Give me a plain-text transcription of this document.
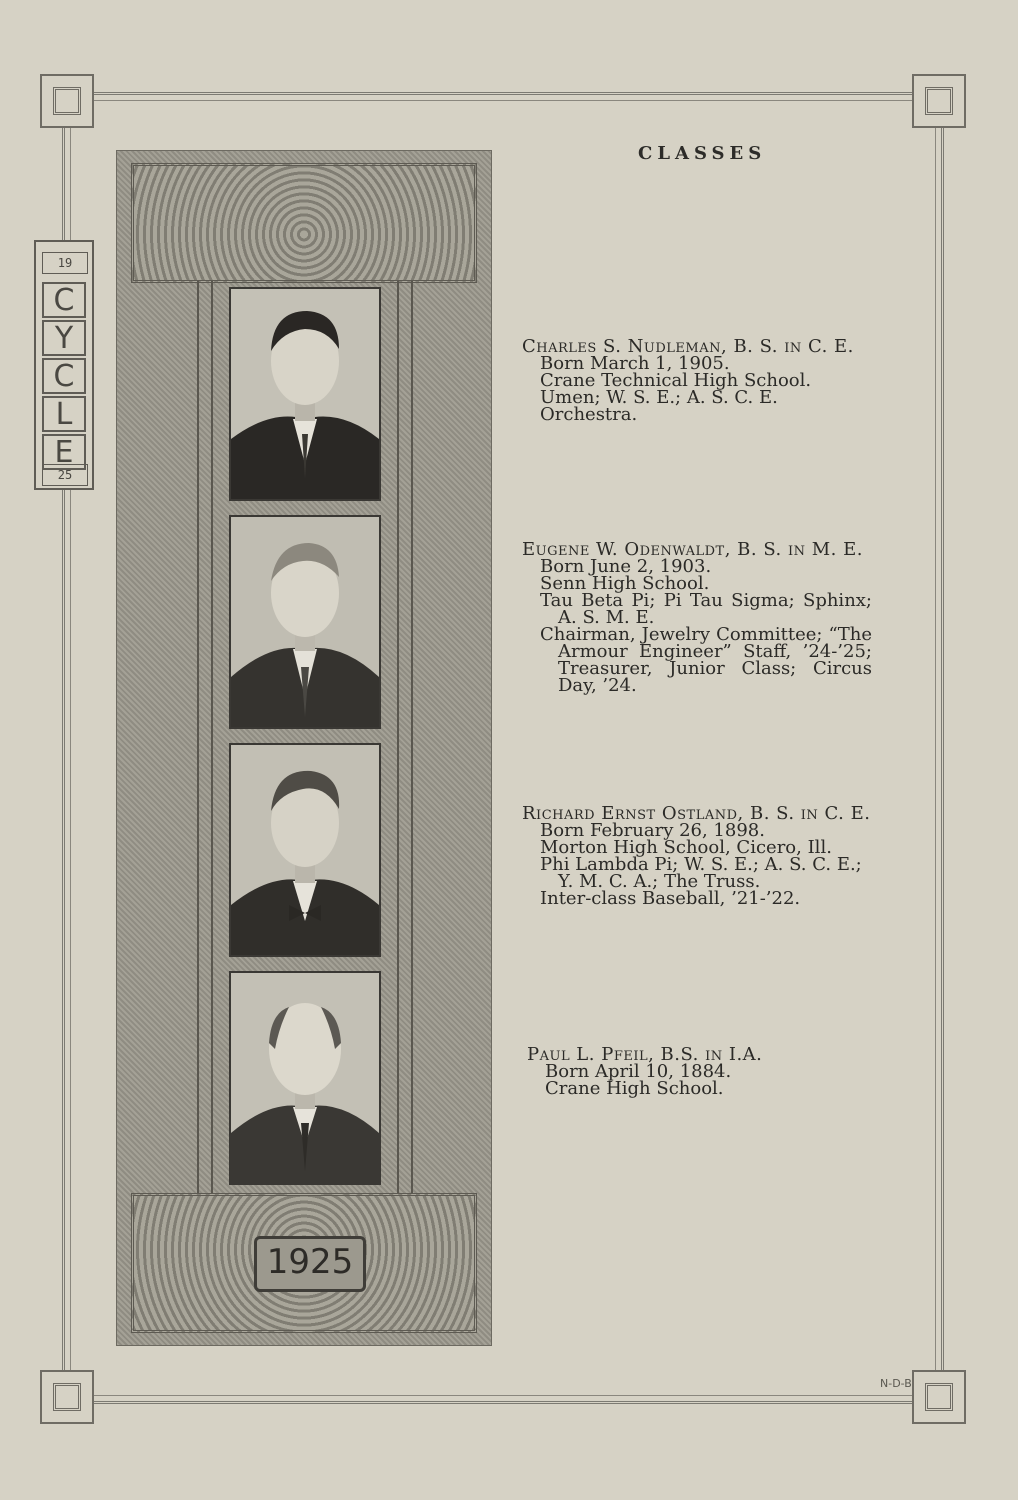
19
C
Y
C
L
E
25
1925
CLASSES
Charles S. Nudleman, B. S. in C. E.
Born March 1, 1905.
Crane Technical High School.
Umen; W. S. E.; A. S. C. E.
Orchestra.
Eugene W. Odenwaldt, B. S. in M. E.
Born June 2, 1903.
Senn High School.
Tau Beta Pi; Pi Tau Sigma; Sphinx;
A. S. M. E.
Chairman, Jewelry Committee; “The
Armour Engineer” Staff, ’24-’25;
Treasurer, Junior Class; Circus
Day, ’24.
Richard Ernst Ostland, B. S. in C. E.
Born February 26, 1898.
Morton High School, Cicero, Ill.
Phi Lambda Pi; W. S. E.; A. S. C. E.;
Y. M. C. A.; The Truss.
Inter-class Baseball, ’21-’22.
Paul L. Pfeil, B.S. in I.A.
Born April 10, 1884.
Crane High School.
N-D-B
